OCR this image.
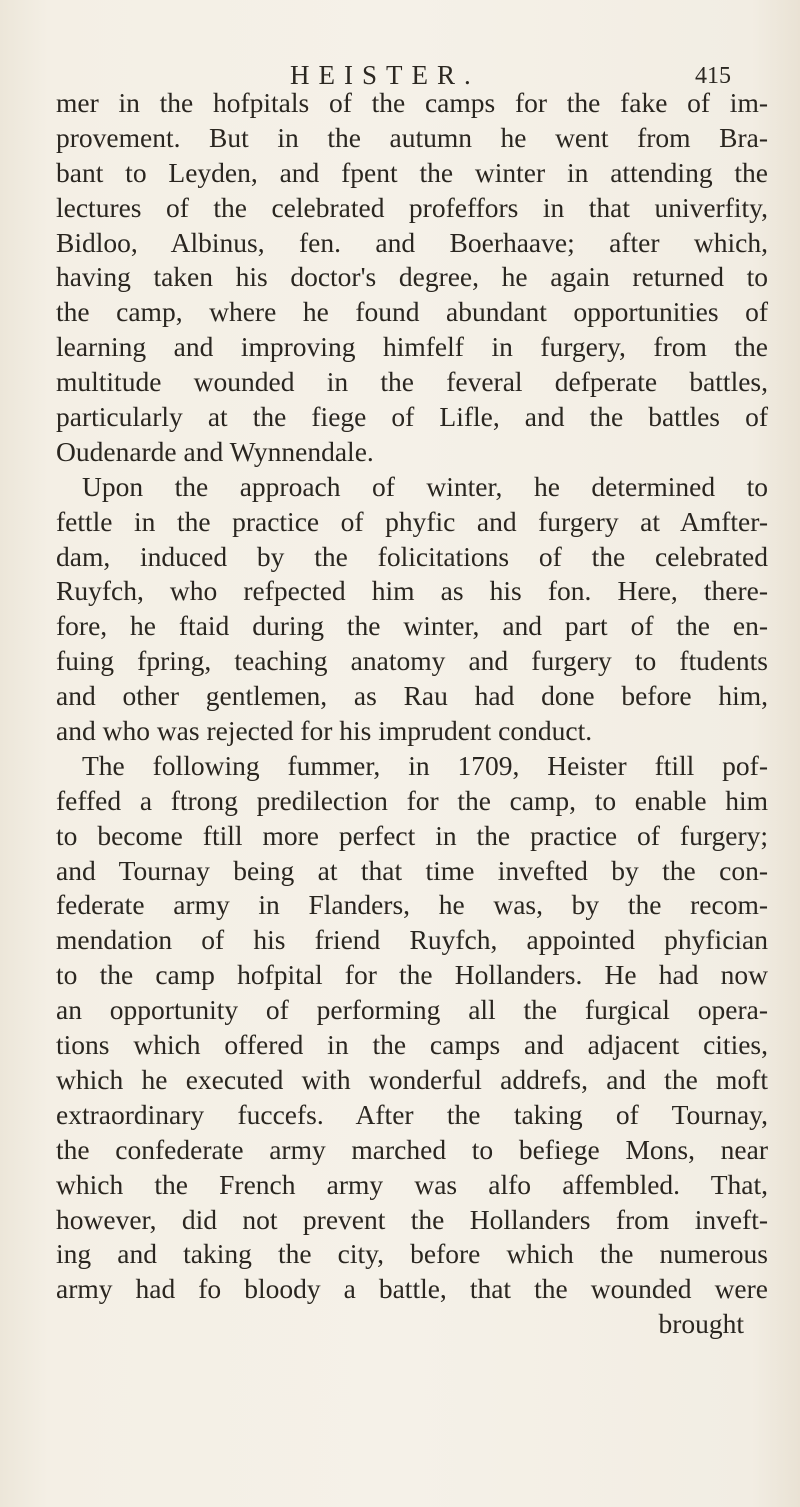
HEISTER.	415
mer in the hofpitals of the camps for the fake of im-
provement. But in the autumn he went from Bra-
bant to Leyden, and fpent the winter in attending the
lectures of the celebrated profeffors in that univerfity,
Bidloo, Albinus, fen. and Boerhaave; after which,
having taken his doctor's degree, he again returned to
the camp, where he found abundant opportunities of
learning and improving himfelf in furgery, from the
multitude wounded in the feveral defperate battles,
particularly at the fiege of Lifle, and the battles of
Oudenarde and Wynnendale.
Upon the approach of winter, he determined to
fettle in the practice of phyfic and furgery at Amfter-
dam, induced by the folicitations of the celebrated
Ruyfch, who refpected him as his fon. Here, there-
fore, he ftaid during the winter, and part of the en-
fuing fpring, teaching anatomy and furgery to ftudents
and other gentlemen, as Rau had done before him,
and who was rejected for his imprudent conduct.
The following fummer, in 1709, Heister ftill pof-
feffed a ftrong predilection for the camp, to enable him
to become ftill more perfect in the practice of furgery;
and Tournay being at that time invefted by the con-
federate army in Flanders, he was, by the recom-
mendation of his friend Ruyfch, appointed phyfician
to the camp hofpital for the Hollanders. He had now
an opportunity of performing all the furgical opera-
tions which offered in the camps and adjacent cities,
which he executed with wonderful addrefs, and the moft
extraordinary fuccefs. After the taking of Tournay,
the confederate army marched to befiege Mons, near
which the French army was alfo affembled. That,
however, did not prevent the Hollanders from inveft-
ing and taking the city, before which the numerous
army had fo bloody a battle, that the wounded were
brought
